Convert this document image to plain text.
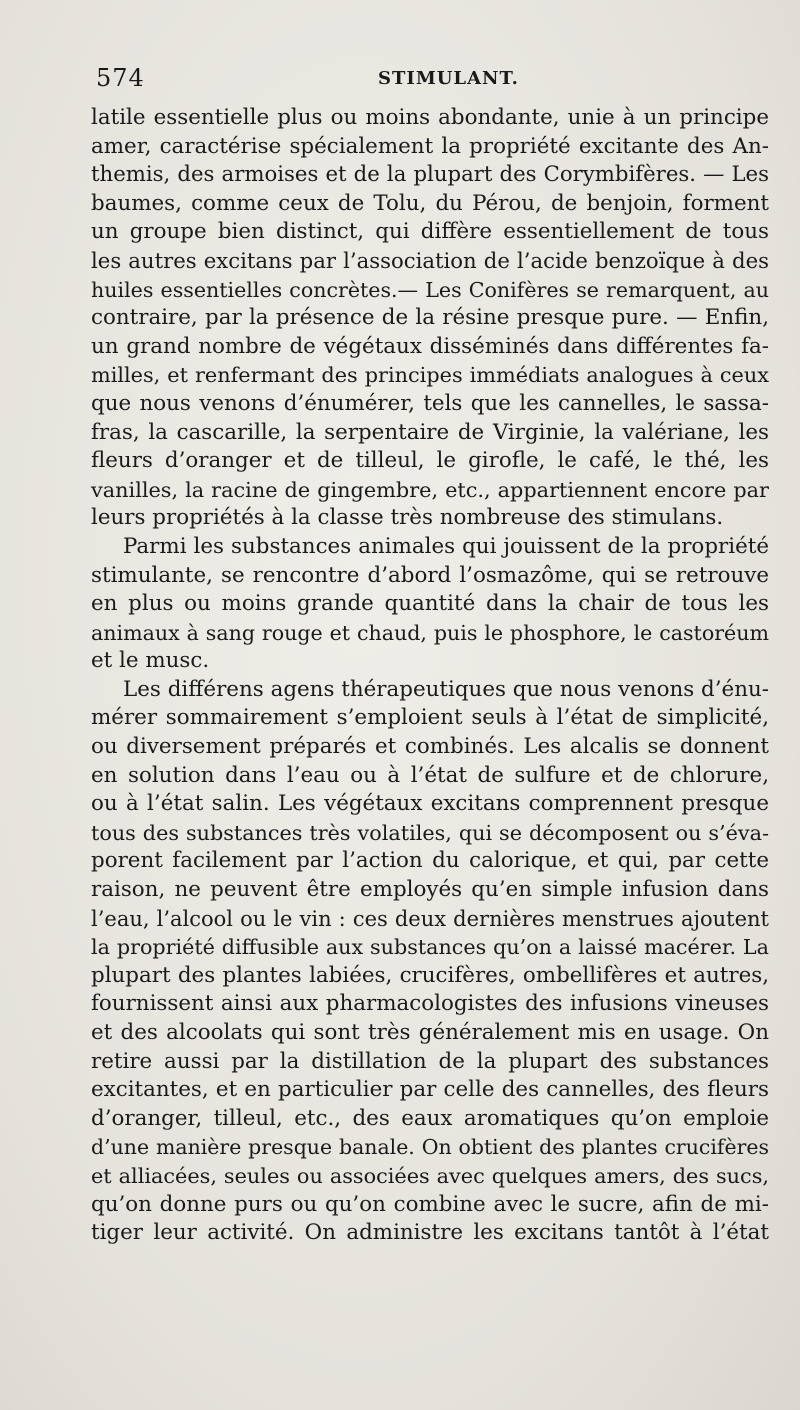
574	STIMULANT.
latile essentielle plus ou moins abondante, unie à un principe
amer, caractérise spécialement la propriété excitante des An-
themis, des armoises et de la plupart des Corymbifères. — Les
baumes, comme ceux de Tolu, du Pérou, de benjoin, forment
un groupe bien distinct, qui diffère essentiellement de tous
les autres excitans par l’association de l’acide benzoïque à des
huiles essentielles concrètes.— Les Conifères se remarquent, au
contraire, par la présence de la résine presque pure. — Enfin,
un grand nombre de végétaux disséminés dans différentes fa-
milles, et renfermant des principes immédiats analogues à ceux
que nous venons d’énumérer, tels que les cannelles, le sassa-
fras, la cascarille, la serpentaire de Virginie, la valériane, les
fleurs d’oranger et de tilleul, le girofle, le café, le thé, les
vanilles, la racine de gingembre, etc., appartiennent encore par
leurs propriétés à la classe très nombreuse des stimulans.
Parmi les substances animales qui jouissent de la propriété
stimulante, se rencontre d’abord l’osmazôme, qui se retrouve
en plus ou moins grande quantité dans la chair de tous les
animaux à sang rouge et chaud, puis le phosphore, le castoréum
et le musc.
Les différens agens thérapeutiques que nous venons d’énu-
mérer sommairement s’emploient seuls à l’état de simplicité,
ou diversement préparés et combinés. Les alcalis se donnent
en solution dans l’eau ou à l’état de sulfure et de chlorure,
ou à l’état salin. Les végétaux excitans comprennent presque
tous des substances très volatiles, qui se décomposent ou s’éva-
porent facilement par l’action du calorique, et qui, par cette
raison, ne peuvent être employés qu’en simple infusion dans
l’eau, l’alcool ou le vin : ces deux dernières menstrues ajoutent
la propriété diffusible aux substances qu’on a laissé macérer. La
plupart des plantes labiées, crucifères, ombellifères et autres,
fournissent ainsi aux pharmacologistes des infusions vineuses
et des alcoolats qui sont très généralement mis en usage. On
retire aussi par la distillation de la plupart des substances
excitantes, et en particulier par celle des cannelles, des fleurs
d’oranger, tilleul, etc., des eaux aromatiques qu’on emploie
d’une manière presque banale. On obtient des plantes crucifères
et alliacées, seules ou associées avec quelques amers, des sucs,
qu’on donne purs ou qu’on combine avec le sucre, afin de mi-
tiger leur activité. On administre les excitans tantôt à l’état
